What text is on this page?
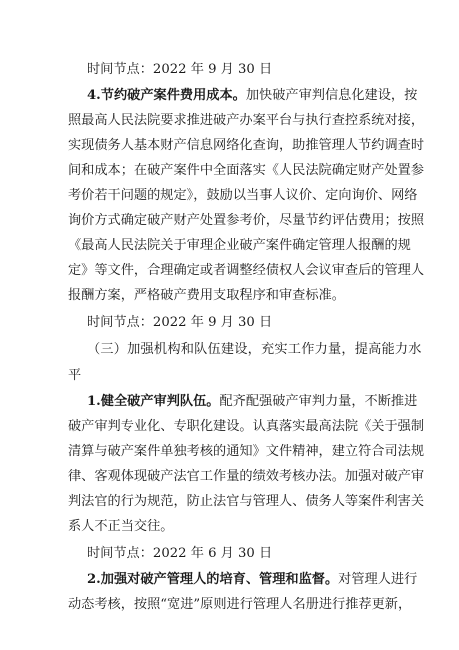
时间节点：2022 年 9 月 30 日
4.节约破产案件费用成本。加快破产审判信息化建设，按
照最高人民法院要求推进破产办案平台与执行查控系统对接，
实现债务人基本财产信息网络化查询，助推管理人节约调查时
间和成本；在破产案件中全面落实《人民法院确定财产处置参
考价若干问题的规定》，鼓励以当事人议价、定向询价、网络
询价方式确定破产财产处置参考价，尽量节约评估费用；按照
《最高人民法院关于审理企业破产案件确定管理人报酬的规
定》等文件，合理确定或者调整经债权人会议审查后的管理人
报酬方案，严格破产费用支取程序和审查标准。
时间节点：2022 年 9 月 30 日
（三）加强机构和队伍建设，充实工作力量，提高能力水
平
1.健全破产审判队伍。配齐配强破产审判力量，不断推进
破产审判专业化、专职化建设。认真落实最高法院《关于强制
清算与破产案件单独考核的通知》文件精神，建立符合司法规
律、客观体现破产法官工作量的绩效考核办法。加强对破产审
判法官的行为规范，防止法官与管理人、债务人等案件利害关
系人不正当交往。
时间节点：2022 年 6 月 30 日
2.加强对破产管理人的培育、管理和监督。对管理人进行
动态考核，按照“宽进”原则进行管理人名册进行推荐更新，
